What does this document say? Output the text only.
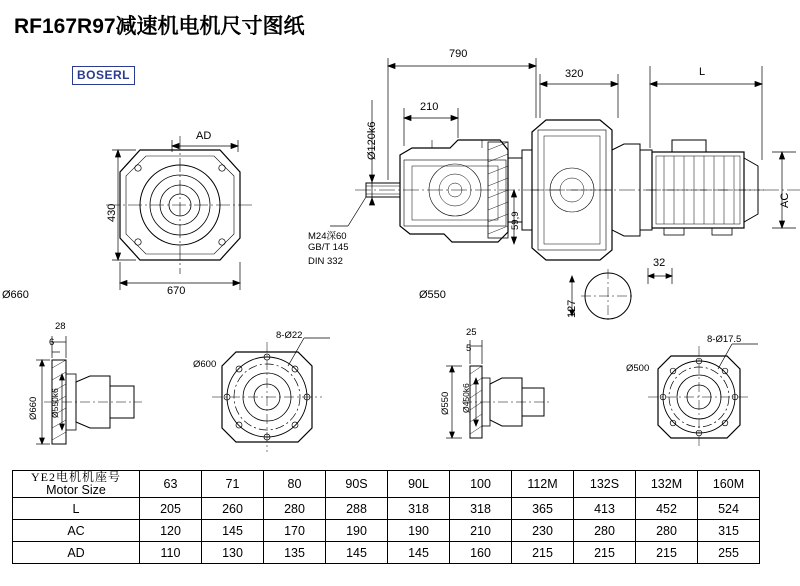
RF167R97减速机电机尺寸图纸
BOSERL
AD
670
430
790
320	L
210
Ø120k6
59,9
AC
M24深60
GB/T 145
DIN 332
Ø550
32
127
Ø660
28
6
Ø660 Ø550k6
8-Ø22
Ø600
25
5
Ø550 Ø450k6
8-Ø17.5
Ø500
YE2电机机座号
Motor Size	63	71	80	90S	90L	100	112M	132S	132M	160M
L	205	260	280	288	318	318	365	413	452	524
AC	120	145	170	190	190	210	230	280	280	315
AD	110	130	135	145	145	160	215	215	215	255
